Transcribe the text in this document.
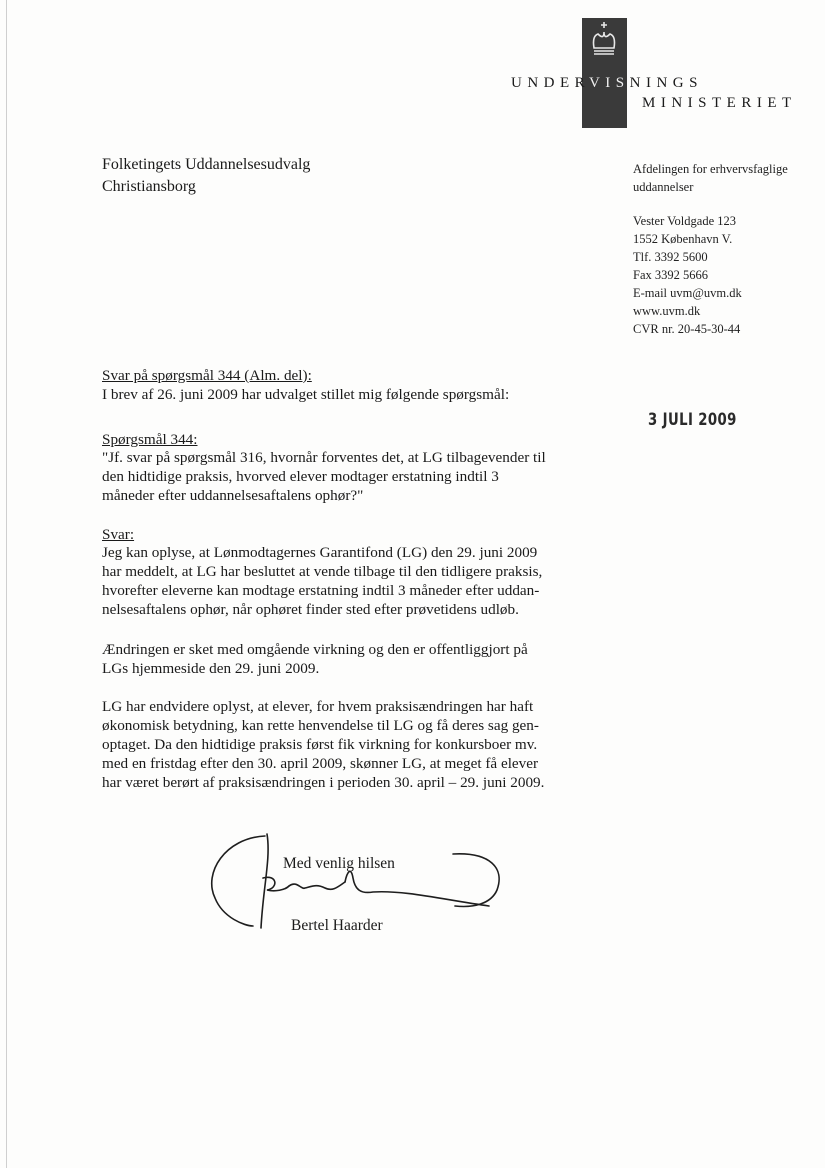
UNDERVISNINGS
MINISTERIET
Folketingets Uddannelsesudvalg
Christiansborg
Afdelingen for erhvervsfaglige
uddannelser
Vester Voldgade 123
1552 København V.
Tlf. 3392 5600
Fax 3392 5666
E-mail uvm@uvm.dk
www.uvm.dk
CVR nr. 20-45-30-44
3 JULI 2009
Svar på spørgsmål 344 (Alm. del):
I brev af 26. juni 2009 har udvalget stillet mig følgende spørgsmål:
Spørgsmål 344:
"Jf. svar på spørgsmål 316, hvornår forventes det, at LG tilbagevender til
den hidtidige praksis, hvorved elever modtager erstatning indtil 3
måneder efter uddannelsesaftalens ophør?"
Svar:
Jeg kan oplyse, at Lønmodtagernes Garantifond (LG) den 29. juni 2009
har meddelt, at LG har besluttet at vende tilbage til den tidligere praksis,
hvorefter eleverne kan modtage erstatning indtil 3 måneder efter uddan-
nelsesaftalens ophør, når ophøret finder sted efter prøvetidens udløb.
Ændringen er sket med omgående virkning og den er offentliggjort på
LGs hjemmeside den 29. juni 2009.
LG har endvidere oplyst, at elever, for hvem praksisændringen har haft
økonomisk betydning, kan rette henvendelse til LG og få deres sag gen-
optaget. Da den hidtidige praksis først fik virkning for konkursboer mv.
med en fristdag efter den 30. april 2009, skønner LG, at meget få elever
har været berørt af praksisændringen i perioden 30. april – 29. juni 2009.
Med venlig hilsen
Bertel Haarder
